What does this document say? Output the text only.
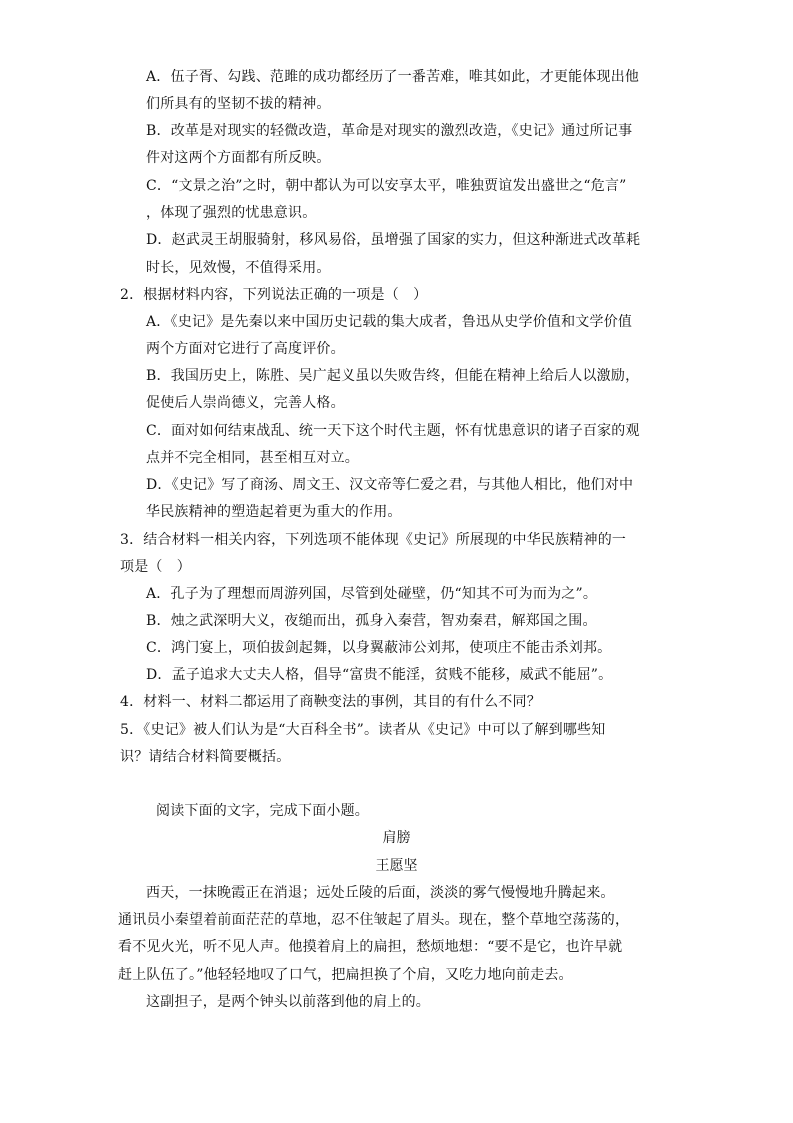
A．伍子胥、勾践、范雎的成功都经历了一番苦难，唯其如此，才更能体现出他
们所具有的坚韧不拔的精神。
B．改革是对现实的轻微改造，革命是对现实的激烈改造，《史记》通过所记事
件对这两个方面都有所反映。
C．“文景之治”之时，朝中都认为可以安享太平，唯独贾谊发出盛世之“危言”
，体现了强烈的忧患意识。
D．赵武灵王胡服骑射，移风易俗，虽增强了国家的实力，但这种渐进式改革耗
时长，见效慢，不值得采用。
2．根据材料内容，下列说法正确的一项是（　）
A．《史记》是先秦以来中国历史记载的集大成者，鲁迅从史学价值和文学价值
两个方面对它进行了高度评价。
B．我国历史上，陈胜、吴广起义虽以失败告终，但能在精神上给后人以激励，
促使后人崇尚德义，完善人格。
C．面对如何结束战乱、统一天下这个时代主题，怀有忧患意识的诸子百家的观
点并不完全相同，甚至相互对立。
D．《史记》写了商汤、周文王、汉文帝等仁爱之君，与其他人相比，他们对中
华民族精神的塑造起着更为重大的作用。
3．结合材料一相关内容，下列选项不能体现《史记》所展现的中华民族精神的一
项是（　）
A．孔子为了理想而周游列国，尽管到处碰壁，仍“知其不可为而为之”。
B．烛之武深明大义，夜缒而出，孤身入秦营，智劝秦君，解郑国之围。
C．鸿门宴上，项伯拔剑起舞，以身翼蔽沛公刘邦，使项庄不能击杀刘邦。
D．孟子追求大丈夫人格，倡导“富贵不能淫，贫贱不能移，威武不能屈”。
4．材料一、材料二都运用了商鞅变法的事例，其目的有什么不同？
5．《史记》被人们认为是“大百科全书”。读者从《史记》中可以了解到哪些知
识？请结合材料简要概括。
阅读下面的文字，完成下面小题。
肩膀
王愿坚
西天，一抹晚霞正在消退；远处丘陵的后面，淡淡的雾气慢慢地升腾起来。
通讯员小秦望着前面茫茫的草地，忍不住皱起了眉头。现在，整个草地空荡荡的，
看不见火光，听不见人声。他摸着肩上的扁担，愁烦地想：“要不是它，也许早就
赶上队伍了。”他轻轻地叹了口气，把扁担换了个肩，又吃力地向前走去。
这副担子，是两个钟头以前落到他的肩上的。
